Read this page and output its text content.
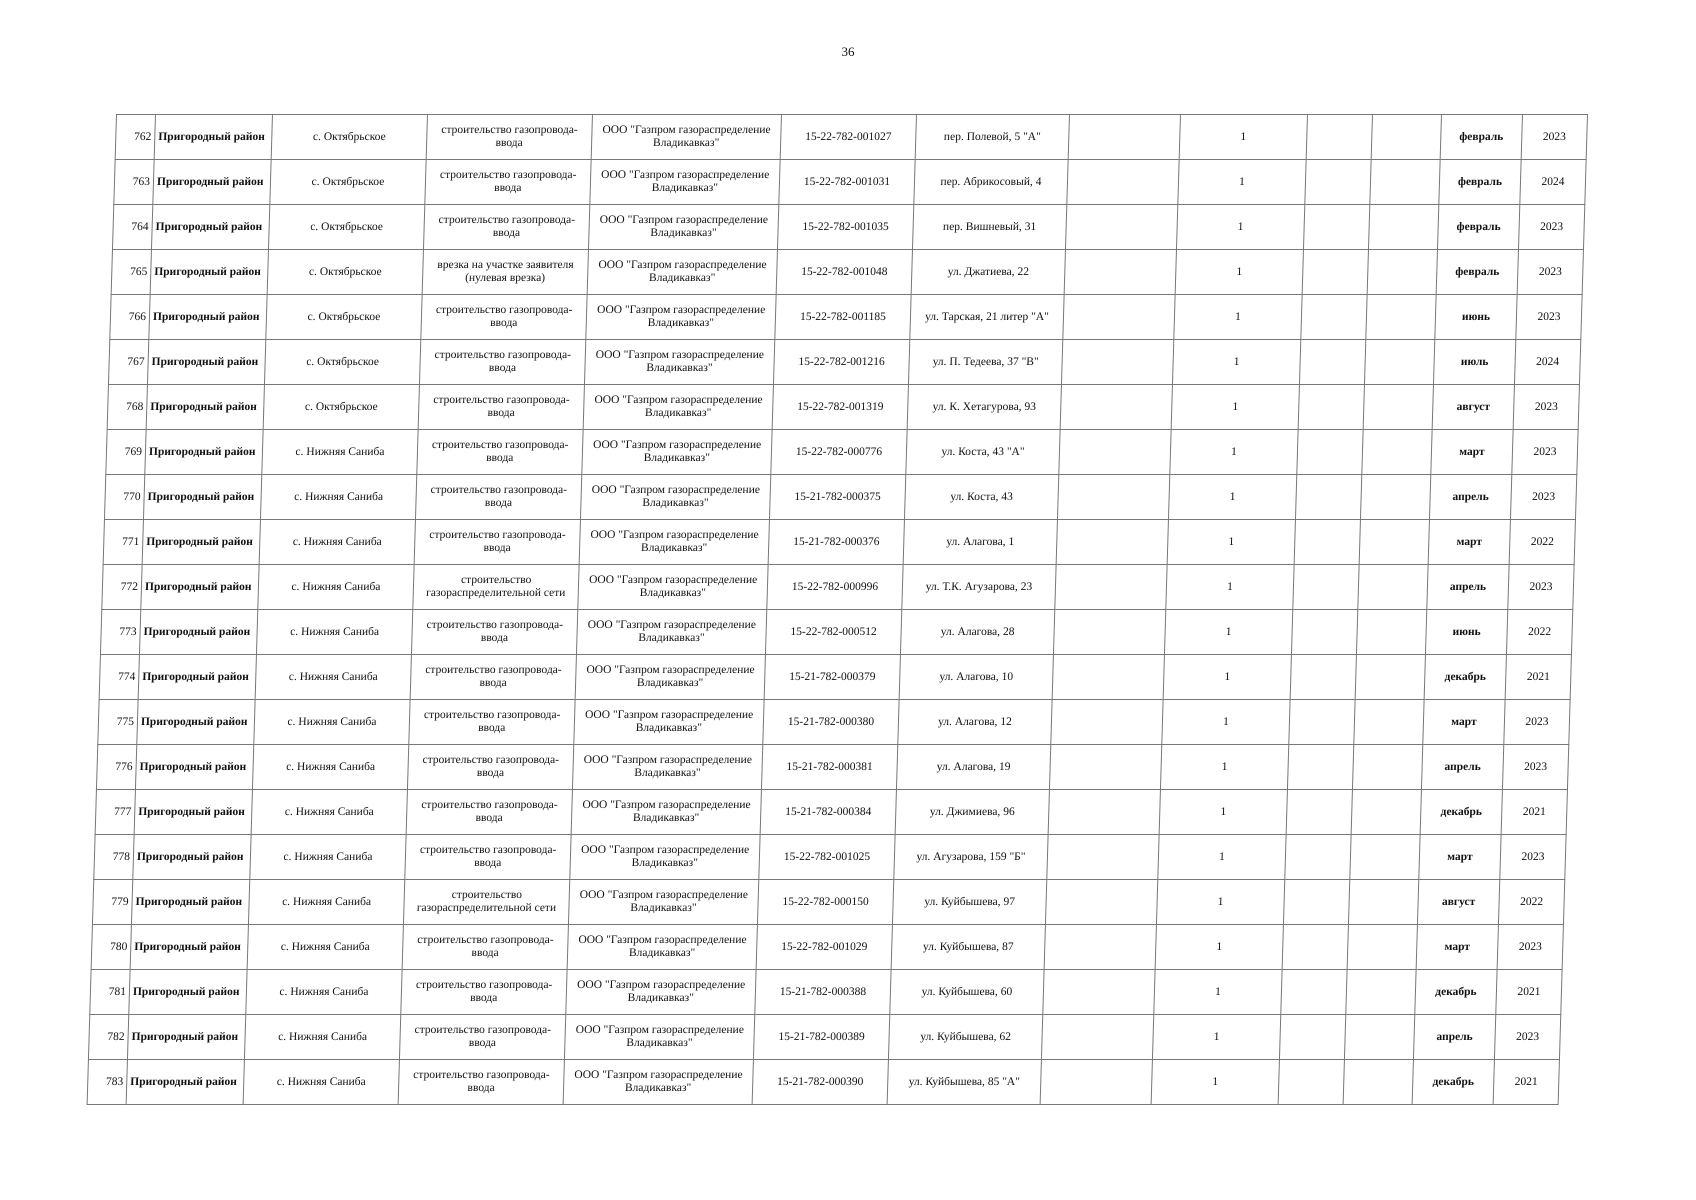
36
762	Пригородный район	с. Октябрьское	строительство газопровода-ввода	ООО "Газпром газораспределение Владикавказ"	15-22-782-001027	пер. Полевой, 5 "А"		1			февраль	2023
763	Пригородный район	с. Октябрьское	строительство газопровода-ввода	ООО "Газпром газораспределение Владикавказ"	15-22-782-001031	пер. Абрикосовый, 4		1			февраль	2024
764	Пригородный район	с. Октябрьское	строительство газопровода-ввода	ООО "Газпром газораспределение Владикавказ"	15-22-782-001035	пер. Вишневый, 31		1			февраль	2023
765	Пригородный район	с. Октябрьское	врезка на участке заявителя (нулевая врезка)	ООО "Газпром газораспределение Владикавказ"	15-22-782-001048	ул. Джатиева, 22		1			февраль	2023
766	Пригородный район	с. Октябрьское	строительство газопровода-ввода	ООО "Газпром газораспределение Владикавказ"	15-22-782-001185	ул. Тарская, 21 литер "А"		1			июнь	2023
767	Пригородный район	с. Октябрьское	строительство газопровода-ввода	ООО "Газпром газораспределение Владикавказ"	15-22-782-001216	ул. П. Тедеева, 37 "В"		1			июль	2024
768	Пригородный район	с. Октябрьское	строительство газопровода-ввода	ООО "Газпром газораспределение Владикавказ"	15-22-782-001319	ул. К. Хетагурова, 93		1			август	2023
769	Пригородный район	с. Нижняя Саниба	строительство газопровода-ввода	ООО "Газпром газораспределение Владикавказ"	15-22-782-000776	ул. Коста, 43 "А"		1			март	2023
770	Пригородный район	с. Нижняя Саниба	строительство газопровода-ввода	ООО "Газпром газораспределение Владикавказ"	15-21-782-000375	ул. Коста, 43		1			апрель	2023
771	Пригородный район	с. Нижняя Саниба	строительство газопровода-ввода	ООО "Газпром газораспределение Владикавказ"	15-21-782-000376	ул. Алагова, 1		1			март	2022
772	Пригородный район	с. Нижняя Саниба	строительство газораспределительной сети	ООО "Газпром газораспределение Владикавказ"	15-22-782-000996	ул. Т.К. Агузарова, 23		1			апрель	2023
773	Пригородный район	с. Нижняя Саниба	строительство газопровода-ввода	ООО "Газпром газораспределение Владикавказ"	15-22-782-000512	ул. Алагова, 28		1			июнь	2022
774	Пригородный район	с. Нижняя Саниба	строительство газопровода-ввода	ООО "Газпром газораспределение Владикавказ"	15-21-782-000379	ул. Алагова, 10		1			декабрь	2021
775	Пригородный район	с. Нижняя Саниба	строительство газопровода-ввода	ООО "Газпром газораспределение Владикавказ"	15-21-782-000380	ул. Алагова, 12		1			март	2023
776	Пригородный район	с. Нижняя Саниба	строительство газопровода-ввода	ООО "Газпром газораспределение Владикавказ"	15-21-782-000381	ул. Алагова, 19		1			апрель	2023
777	Пригородный район	с. Нижняя Саниба	строительство газопровода-ввода	ООО "Газпром газораспределение Владикавказ"	15-21-782-000384	ул. Джимиева, 96		1			декабрь	2021
778	Пригородный район	с. Нижняя Саниба	строительство газопровода-ввода	ООО "Газпром газораспределение Владикавказ"	15-22-782-001025	ул. Агузарова, 159 "Б"		1			март	2023
779	Пригородный район	с. Нижняя Саниба	строительство газораспределительной сети	ООО "Газпром газораспределение Владикавказ"	15-22-782-000150	ул. Куйбышева, 97		1			август	2022
780	Пригородный район	с. Нижняя Саниба	строительство газопровода-ввода	ООО "Газпром газораспределение Владикавказ"	15-22-782-001029	ул. Куйбышева, 87		1			март	2023
781	Пригородный район	с. Нижняя Саниба	строительство газопровода-ввода	ООО "Газпром газораспределение Владикавказ"	15-21-782-000388	ул. Куйбышева, 60		1			декабрь	2021
782	Пригородный район	с. Нижняя Саниба	строительство газопровода-ввода	ООО "Газпром газораспределение Владикавказ"	15-21-782-000389	ул. Куйбышева, 62		1			апрель	2023
783	Пригородный район	с. Нижняя Саниба	строительство газопровода-ввода	ООО "Газпром газораспределение Владикавказ"	15-21-782-000390	ул. Куйбышева, 85 "А"		1			декабрь	2021
